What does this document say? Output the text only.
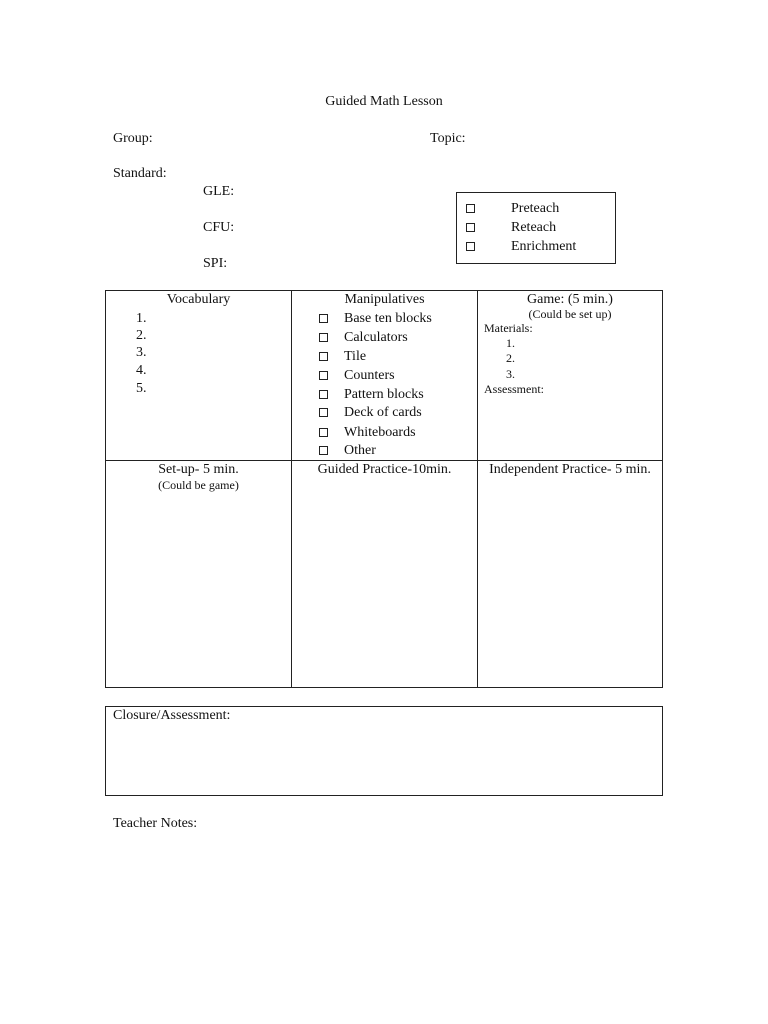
Guided Math Lesson
Group:	Topic:
Standard:
GLE:
CFU:
SPI:
Preteach
Reteach
Enrichment
Vocabulary
1.
2.
3.
4.
5.
Manipulatives
Base ten blocks
Calculators
Tile
Counters
Pattern blocks
Deck of cards
Whiteboards
Other
Game: (5 min.)
(Could be set up)
Materials:
1.
2.
3.
Assessment:
Set-up- 5 min.
(Could be game)
Guided Practice-10min.	Independent Practice- 5 min.
Closure/Assessment:
Teacher Notes:
